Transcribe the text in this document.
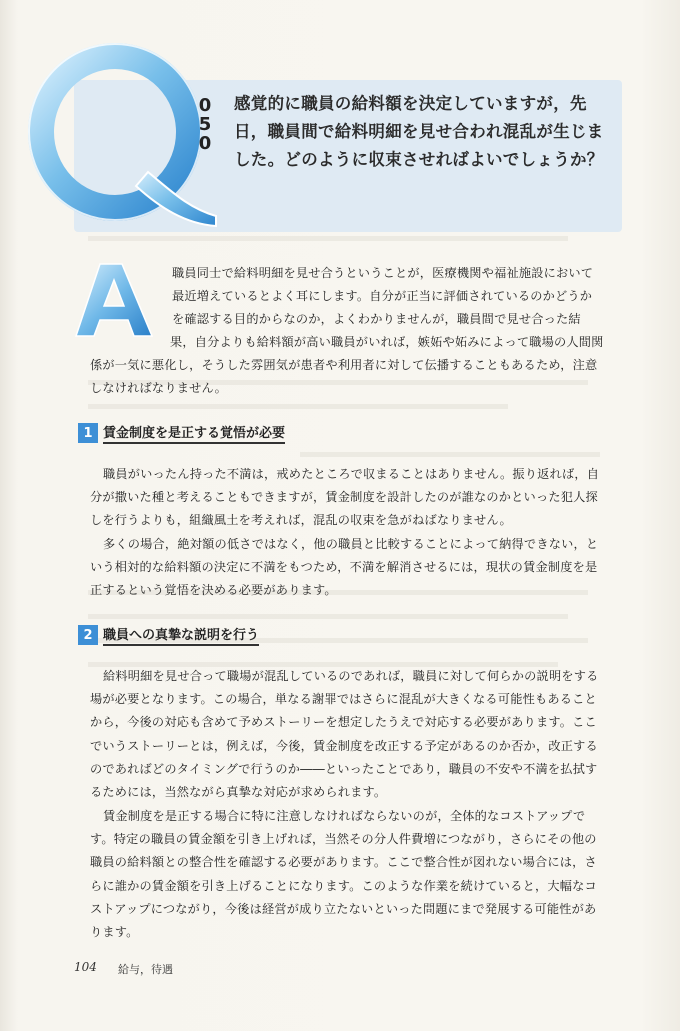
050
感覚的に職員の給料額を決定していますが，先日，職員間で給料明細を見せ合われ混乱が生じました。どのように収束させればよいでしょうか？
職員同士で給料明細を見せ合うということが，医療機関や福祉施設において最近増えているとよく耳にします。自分が正当に評価されているのかどうかを確認する目的からなのか，よくわかりませんが，職員間で見せ合った結
果，自分よりも給料額が高い職員がいれば，嫉妬や妬みによって職場の人間関係が一気に悪化し，そうした雰囲気が患者や利用者に対して伝播することもあるため，注意しなければなりません。
1 賃金制度を是正する覚悟が必要
職員がいったん持った不満は，戒めたところで収まることはありません。振り返れば，自分が撒いた種と考えることもできますが，賃金制度を設計したのが誰なのかといった犯人探しを行うよりも，組織風土を考えれば，混乱の収束を急がねばなりません。
多くの場合，絶対額の低さではなく，他の職員と比較することによって納得できない，という相対的な給料額の決定に不満をもつため，不満を解消させるには，現状の賃金制度を是正するという覚悟を決める必要があります。
2 職員への真摯な説明を行う
給料明細を見せ合って職場が混乱しているのであれば，職員に対して何らかの説明をする場が必要となります。この場合，単なる謝罪ではさらに混乱が大きくなる可能性もあることから，今後の対応も含めて予めストーリーを想定したうえで対応する必要があります。ここでいうストーリーとは，例えば，今後，賃金制度を改正する予定があるのか否か，改正するのであればどのタイミングで行うのか――といったことであり，職員の不安や不満を払拭するためには，当然ながら真摯な対応が求められます。
賃金制度を是正する場合に特に注意しなければならないのが，全体的なコストアップです。特定の職員の賃金額を引き上げれば，当然その分人件費増につながり，さらにその他の職員の給料額との整合性を確認する必要があります。ここで整合性が図れない場合には，さらに誰かの賃金額を引き上げることになります。このような作業を続けていると，大幅なコストアップにつながり，今後は経営が成り立たないといった問題にまで発展する可能性があります。
104 給与，待遇
